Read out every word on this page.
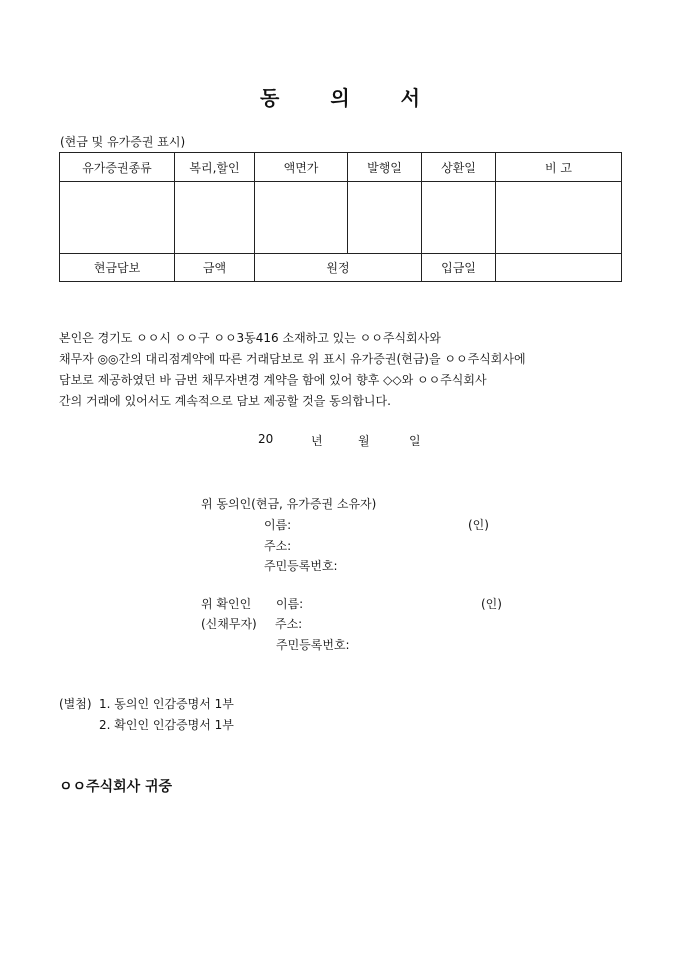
동 의 서
(현금 및 유가증권 표시)
유가증권종류	복리,할인	액면가	발행일	상환일	비 고

현금담보	금액	원정		입금일	
본인은 경기도 ㅇㅇ시 ㅇㅇ구 ㅇㅇ3동416 소재하고 있는 ㅇㅇ주식회사와
채무자 ◎◎간의 대리점계약에 따른 거래담보로 위 표시 유가증권(현금)을 ㅇㅇ주식회사에
담보로 제공하였던 바 금번 채무자변경 계약을 함에 있어 향후 ◇◇와 ㅇㅇ주식회사
간의 거래에 있어서도 계속적으로 담보 제공할 것을 동의합니다.
20	년	월	일
위 동의인(현금, 유가증권 소유자)
이름:	(인)
주소:
주민등록번호:
위 확인인 이름:	(인)
(신채무자) 주소:
주민등록번호:
(별첨) 1. 동의인 인감증명서 1부
2. 확인인 인감증명서 1부
ㅇㅇ주식회사 귀중
